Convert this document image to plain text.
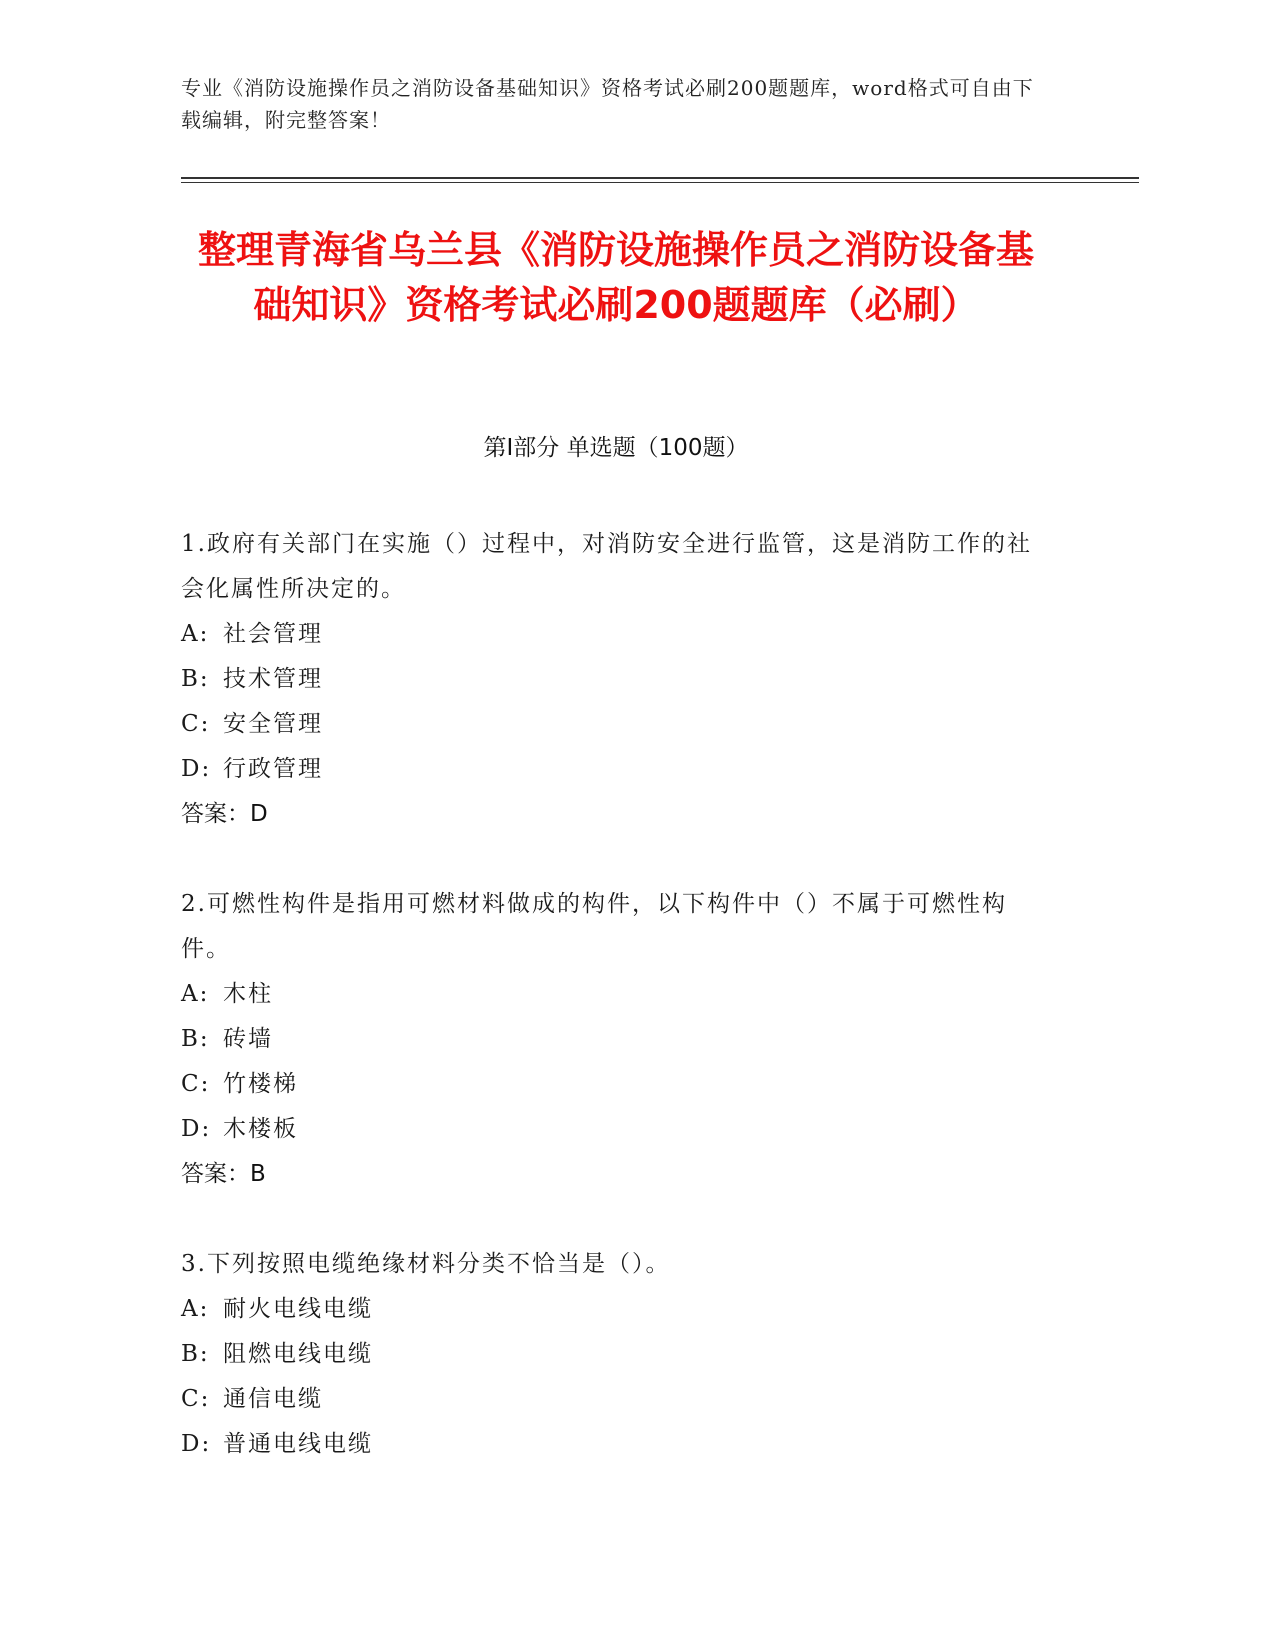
专业《消防设施操作员之消防设备基础知识》资格考试必刷200题题库，word格式可自由下载编辑，附完整答案！
整理青海省乌兰县《消防设施操作员之消防设备基础知识》资格考试必刷200题题库（必刷）
第Ⅰ部分 单选题（100题）
1.政府有关部门在实施（）过程中，对消防安全进行监管，这是消防工作的社会化属性所决定的。
A: 社会管理
B: 技术管理
C: 安全管理
D: 行政管理
答案：D
2.可燃性构件是指用可燃材料做成的构件，以下构件中（）不属于可燃性构件。
A: 木柱
B: 砖墙
C: 竹楼梯
D: 木楼板
答案：B
3.下列按照电缆绝缘材料分类不恰当是（）。
A: 耐火电线电缆
B: 阻燃电线电缆
C: 通信电缆
D: 普通电线电缆
